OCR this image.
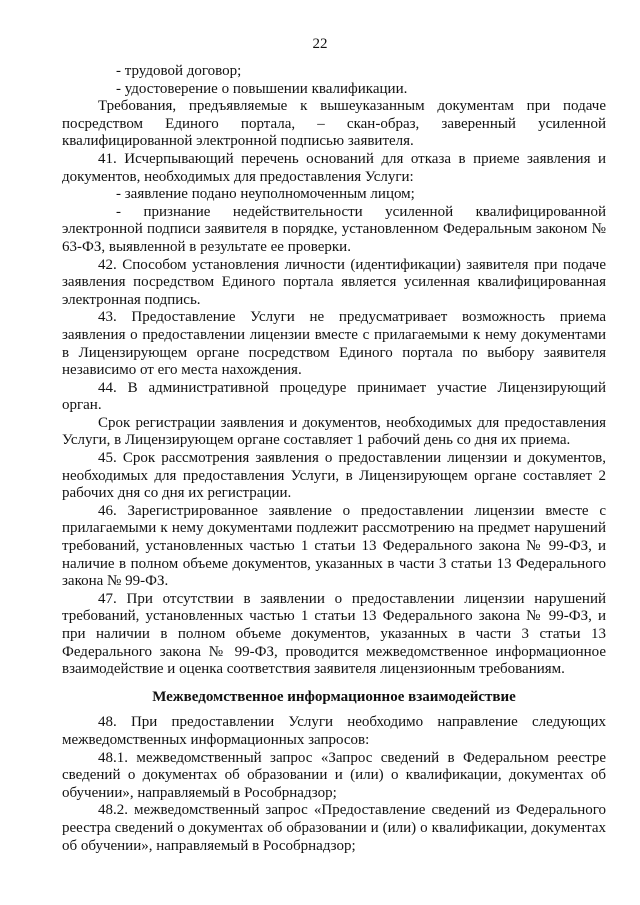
22

- трудовой договор;

- удостоверение о повышении квалификации.

Требования, предъявляемые к вышеуказанным документам при подаче посредством Единого портала, – скан-образ, заверенный усиленной квалифицированной электронной подписью заявителя.

41. Исчерпывающий перечень оснований для отказа в приеме заявления и документов, необходимых для предоставления Услуги:

- заявление подано неуполномоченным лицом;

- признание недействительности усиленной квалифицированной электронной подписи заявителя в порядке, установленном Федеральным законом № 63-ФЗ, выявленной в результате ее проверки.

42. Способом установления личности (идентификации) заявителя при подаче заявления посредством Единого портала является усиленная квалифицированная электронная подпись.

43. Предоставление Услуги не предусматривает возможность приема заявления о предоставлении лицензии вместе с прилагаемыми к нему документами в Лицензирующем органе посредством Единого портала по выбору заявителя независимо от его места нахождения.

44. В административной процедуре принимает участие Лицензирующий орган.

Срок регистрации заявления и документов, необходимых для предоставления Услуги, в Лицензирующем органе составляет 1 рабочий день со дня их приема.

45. Срок рассмотрения заявления о предоставлении лицензии и документов, необходимых для предоставления Услуги, в Лицензирующем органе составляет 2 рабочих дня со дня их регистрации.

46. Зарегистрированное заявление о предоставлении лицензии вместе с прилагаемыми к нему документами подлежит рассмотрению на предмет нарушений требований, установленных частью 1 статьи 13 Федерального закона № 99-ФЗ, и наличие в полном объеме документов, указанных в части 3 статьи 13 Федерального закона № 99-ФЗ.

47. При отсутствии в заявлении о предоставлении лицензии нарушений требований, установленных частью 1 статьи 13 Федерального закона № 99-ФЗ, и при наличии в полном объеме документов, указанных в части 3 статьи 13 Федерального закона № 99-ФЗ, проводится межведомственное информационное взаимодействие и оценка соответствия заявителя лицензионным требованиям.

Межведомственное информационное взаимодействие

48. При предоставлении Услуги необходимо направление следующих межведомственных информационных запросов:

48.1. межведомственный запрос «Запрос сведений в Федеральном реестре сведений о документах об образовании и (или) о квалификации, документах об обучении», направляемый в Рособрнадзор;

48.2. межведомственный запрос «Предоставление сведений из Федерального реестра сведений о документах об образовании и (или) о квалификации, документах об обучении», направляемый в Рособрнадзор;
